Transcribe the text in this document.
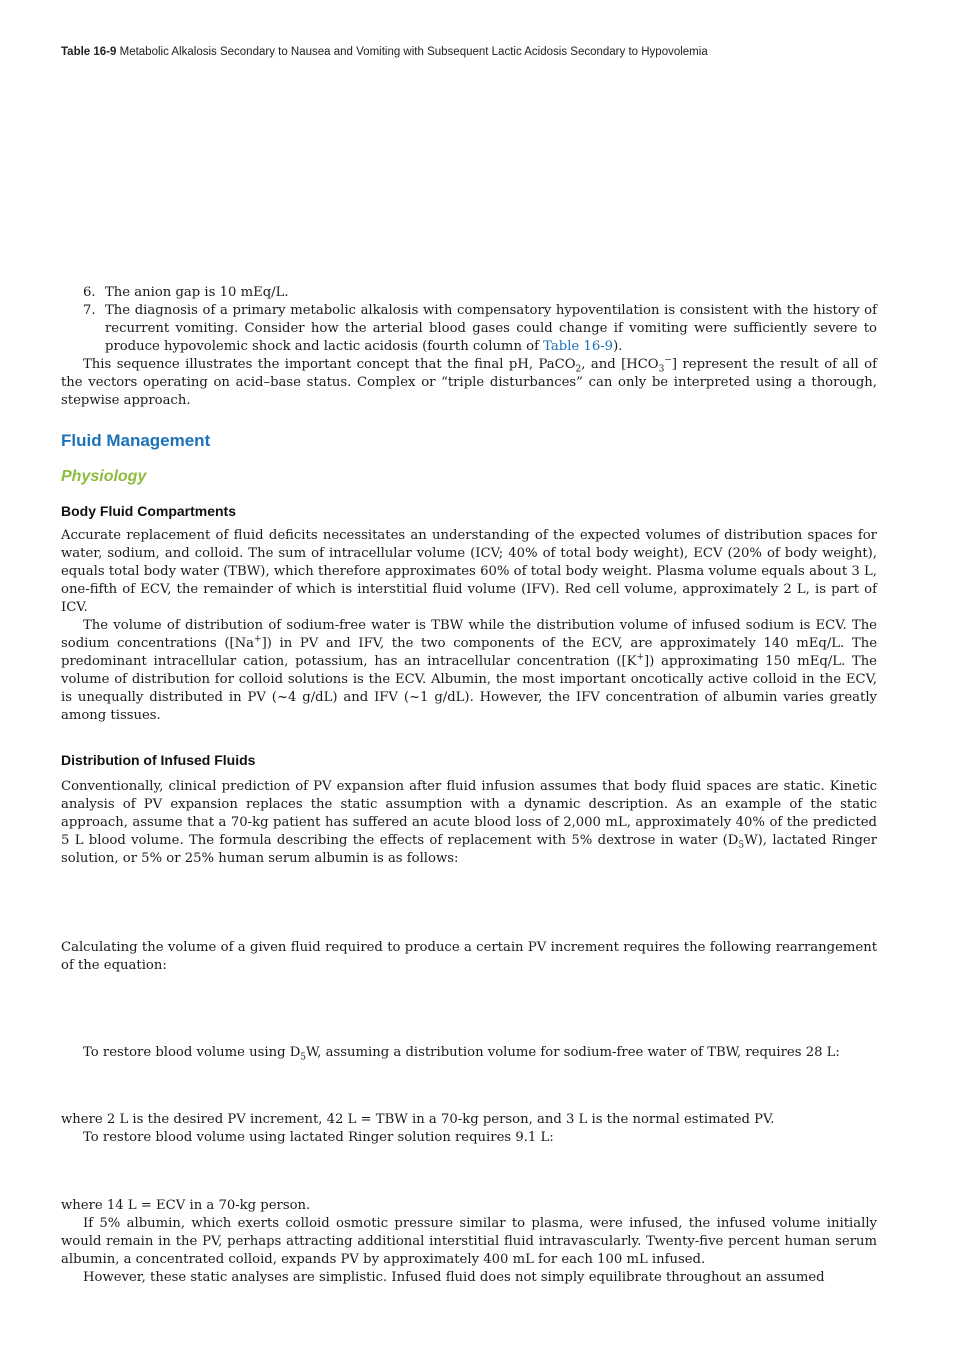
Table 16-9 Metabolic Alkalosis Secondary to Nausea and Vomiting with Subsequent Lactic Acidosis Secondary to Hypovolemia
6. The anion gap is 10 mEq/L.
7. The diagnosis of a primary metabolic alkalosis with compensatory hypoventilation is consistent with the history of recurrent vomiting. Consider how the arterial blood gases could change if vomiting were sufficiently severe to produce hypovolemic shock and lactic acidosis (fourth column of Table 16-9).
This sequence illustrates the important concept that the final pH, PaCO$_2$, and $[HCO_3^-]$ represent the result of all of the vectors operating on acid–base status. Complex or “triple disturbances” can only be interpreted using a thorough, stepwise approach.
Fluid Management
Physiology
Body Fluid Compartments
Accurate replacement of fluid deficits necessitates an understanding of the expected volumes of distribution spaces for water, sodium, and colloid. The sum of intracellular volume (ICV; 40% of total body weight), ECV (20% of body weight), equals total body water (TBW), which therefore approximates 60% of total body weight. Plasma volume equals about 3 L, one-fifth of ECV, the remainder of which is interstitial fluid volume (IFV). Red cell volume, approximately 2 L, is part of ICV.
The volume of distribution of sodium-free water is TBW while the distribution volume of infused sodium is ECV. The sodium concentrations ([Na+]) in PV and IFV, the two components of the ECV, are approximately 140 mEq/L. The predominant intracellular cation, potassium, has an intracellular concentration ([K+]) approximating 150 mEq/L. The volume of distribution for colloid solutions is the ECV. Albumin, the most important oncotically active colloid in the ECV, is unequally distributed in PV (~4 g/dL) and IFV (~1 g/dL). However, the IFV concentration of albumin varies greatly among tissues.
Distribution of Infused Fluids
Conventionally, clinical prediction of PV expansion after fluid infusion assumes that body fluid spaces are static. Kinetic analysis of PV expansion replaces the static assumption with a dynamic description. As an example of the static approach, assume that a 70-kg patient has suffered an acute blood loss of 2,000 mL, approximately 40% of the predicted 5 L blood volume. The formula describing the effects of replacement with 5% dextrose in water $(D_5W)$, lactated Ringer solution, or 5% or 25% human serum albumin is as follows:
Calculating the volume of a given fluid required to produce a certain PV increment requires the following rearrangement of the equation:
To restore blood volume using $D_5W$, assuming a distribution volume for sodium-free water of TBW, requires 28 L:
where 2 L is the desired PV increment, 42 L = TBW in a 70-kg person, and 3 L is the normal estimated PV.
To restore blood volume using lactated Ringer solution requires 9.1 L:
where 14 L = ECV in a 70-kg person.
If 5% albumin, which exerts colloid osmotic pressure similar to plasma, were infused, the infused volume initially would remain in the PV, perhaps attracting additional interstitial fluid intravascularly. Twenty-five percent human serum albumin, a concentrated colloid, expands PV by approximately 400 mL for each 100 mL infused.
However, these static analyses are simplistic. Infused fluid does not simply equilibrate throughout an assumed
